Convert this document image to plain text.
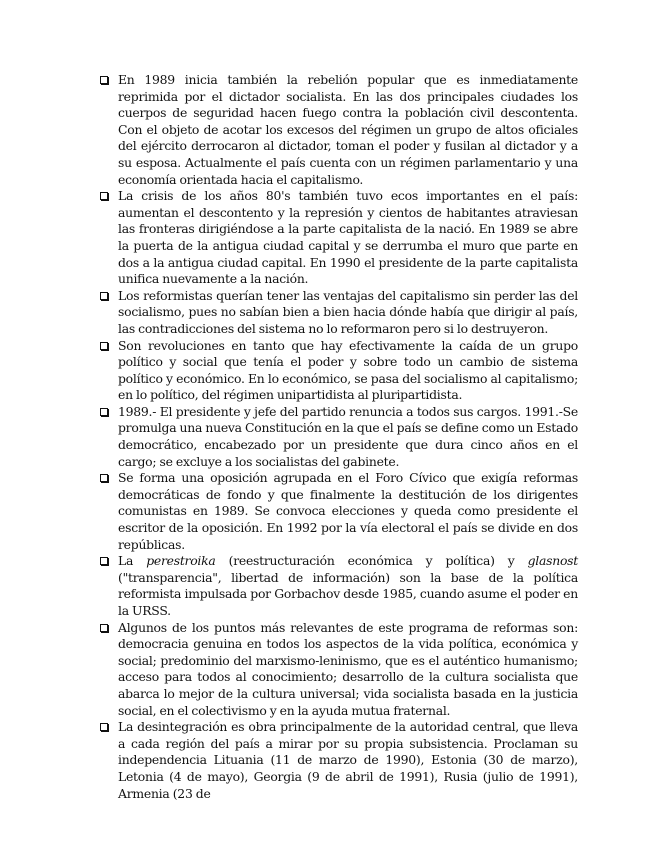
En 1989 inicia también la rebelión popular que es inmediatamente reprimida por el dictador socialista. En las dos principales ciudades los cuerpos de seguridad hacen fuego contra la población civil descontenta. Con el objeto de acotar los excesos del régimen un grupo de altos oficiales del ejército derrocaron al dictador, toman el poder y fusilan al dictador y a su esposa. Actualmente el país cuenta con un régimen parlamentario y una economía orientada hacia el capitalismo.
La crisis de los años 80's también tuvo ecos importantes en el país: aumentan el descontento y la represión y cientos de habitantes atraviesan las fronteras dirigiéndose a la parte capitalista de la nació. En 1989 se abre la puerta de la antigua ciudad capital y se derrumba el muro que parte en dos a la antigua ciudad capital. En 1990 el presidente de la parte capitalista unifica nuevamente a la nación.
Los reformistas querían tener las ventajas del capitalismo sin perder las del socialismo, pues no sabían bien a bien hacia dónde había que dirigir al país, las contradicciones del sistema no lo reformaron pero si lo destruyeron.
Son revoluciones en tanto que hay efectivamente la caída de un grupo político y social que tenía el poder y sobre todo un cambio de sistema político y económico. En lo económico, se pasa del socialismo al capitalismo; en lo político, del régimen unipartidista al pluripartidista.
1989.- El presidente y jefe del partido renuncia a todos sus cargos. 1991.-Se promulga una nueva Constitución en la que el país se define como un Estado democrático, encabezado por un presidente que dura cinco años en el cargo; se excluye a los socialistas del gabinete.
Se forma una oposición agrupada en el Foro Cívico que exigía reformas democráticas de fondo y que finalmente la destitución de los dirigentes comunistas en 1989. Se convoca elecciones y queda como presidente el escritor de la oposición. En 1992 por la vía electoral el país se divide en dos repúblicas.
La perestroika (reestructuración económica y política) y glasnost ("transparencia", libertad de información) son la base de la política reformista impulsada por Gorbachov desde 1985, cuando asume el poder en la URSS.
Algunos de los puntos más relevantes de este programa de reformas son: democracia genuina en todos los aspectos de la vida política, económica y social; predominio del marxismo-leninismo, que es el auténtico humanismo; acceso para todos al conocimiento; desarrollo de la cultura socialista que abarca lo mejor de la cultura universal; vida socialista basada en la justicia social, en el colectivismo y en la ayuda mutua fraternal.
La desintegración es obra principalmente de la autoridad central, que lleva a cada región del país a mirar por su propia subsistencia. Proclaman su independencia Lituania (11 de marzo de 1990), Estonia (30 de marzo), Letonia (4 de mayo), Georgia (9 de abril de 1991), Rusia (julio de 1991), Armenia (23 de
